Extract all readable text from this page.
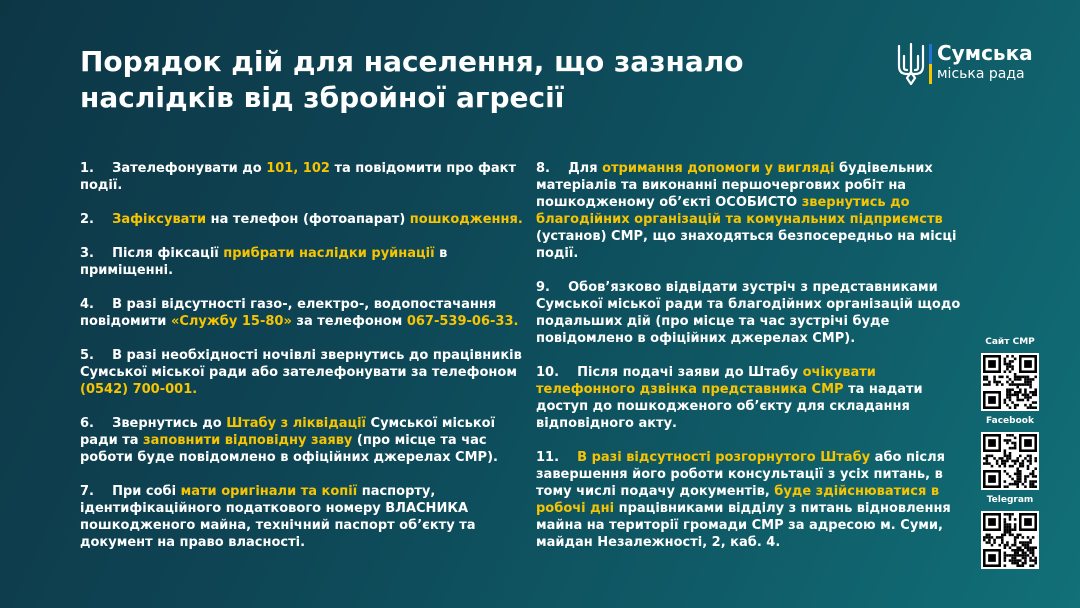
Порядок дій для населення, що зазнало
наслідків від збройної агресії
Сумська
міська рада

1.    Зателефонувати до 101, 102 та повідомити про факт події.

2.    Зафіксувати на телефон (фотоапарат) пошкодження.

3.    Після фіксації прибрати наслідки руйнації в приміщенні.

4.    В разі відсутності газо-, електро-, водопостачання повідомити «Службу 15-80» за телефоном 067-539-06-33.

5.    В разі необхідності ночівлі звернутись до працівників Сумської міської ради або зателефонувати за телефоном (0542) 700-001.

6.    Звернутись до Штабу з ліквідації Сумської міської ради та заповнити відповідну заяву (про місце та час роботи буде повідомлено в офіційних джерелах СМР).

7.    При собі мати оригінали та копії паспорту, ідентифікаційного податкового номеру ВЛАСНИКА пошкодженого майна, технічний паспорт об’єкту та документ на право власності.

8.    Для отримання допомоги у вигляді будівельних матеріалів та виконанні першочергових робіт на пошкодженому об’єкті ОСОБИСТО звернутись до благодійних організацій та комунальних підприємств (установ) СМР, що знаходяться безпосередньо на місці події.

9.    Обов’язково відвідати зустріч з представниками Сумської міської ради та благодійних організацій щодо подальших дій (про місце та час зустрічі буде повідомлено в офіційних джерелах СМР).

10.    Після подачі заяви до Штабу очікувати телефонного дзвінка представника СМР та надати доступ до пошкодженого об’єкту для складання відповідного акту.

11.    В разі відсутності розгорнутого Штабу або після завершення його роботи консультації з усіх питань, в тому числі подачу документів, буде здійснюватися в робочі дні працівниками відділу з питань відновлення майна на території громади СМР за адресою м. Суми, майдан Незалежності, 2, каб. 4.

Сайт СМР
Facebook
Telegram
